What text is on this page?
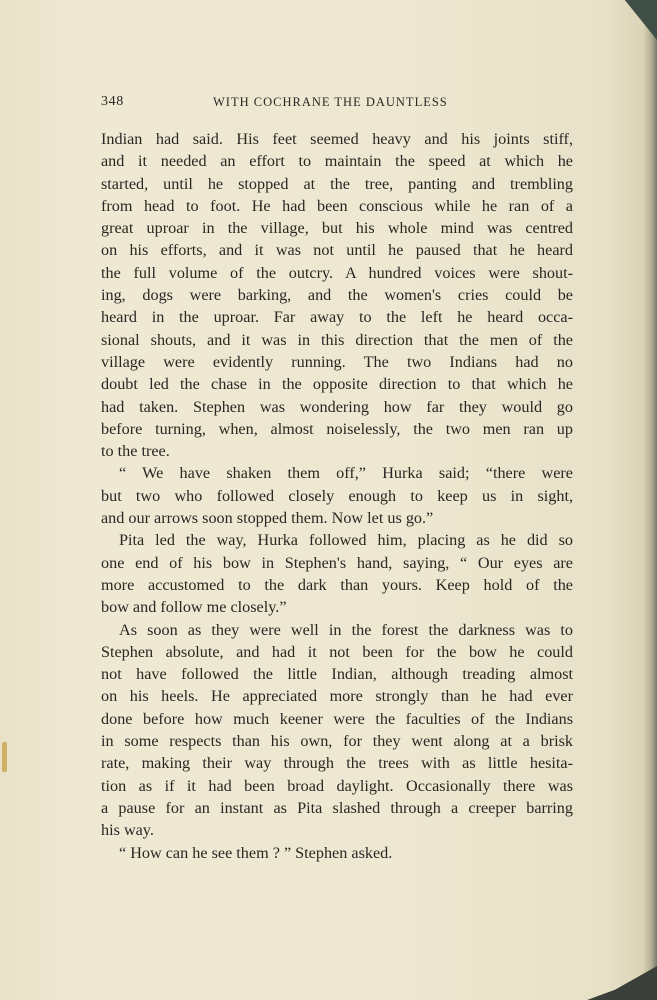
348	WITH COCHRANE THE DAUNTLESS
Indian had said. His feet seemed heavy and his joints stiff,
and it needed an effort to maintain the speed at which he
started, until he stopped at the tree, panting and trembling
from head to foot. He had been conscious while he ran of a
great uproar in the village, but his whole mind was centred
on his efforts, and it was not until he paused that he heard
the full volume of the outcry. A hundred voices were shout-
ing, dogs were barking, and the women's cries could be
heard in the uproar. Far away to the left he heard occa-
sional shouts, and it was in this direction that the men of the
village were evidently running. The two Indians had no
doubt led the chase in the opposite direction to that which he
had taken. Stephen was wondering how far they would go
before turning, when, almost noiselessly, the two men ran up
to the tree.
“ We have shaken them off,” Hurka said; “there were
but two who followed closely enough to keep us in sight,
and our arrows soon stopped them. Now let us go.”
Pita led the way, Hurka followed him, placing as he did so
one end of his bow in Stephen's hand, saying, “ Our eyes are
more accustomed to the dark than yours. Keep hold of the
bow and follow me closely.”
As soon as they were well in the forest the darkness was to
Stephen absolute, and had it not been for the bow he could
not have followed the little Indian, although treading almost
on his heels. He appreciated more strongly than he had ever
done before how much keener were the faculties of the Indians
in some respects than his own, for they went along at a brisk
rate, making their way through the trees with as little hesita-
tion as if it had been broad daylight. Occasionally there was
a pause for an instant as Pita slashed through a creeper barring
his way.
“ How can he see them ? ” Stephen asked.
